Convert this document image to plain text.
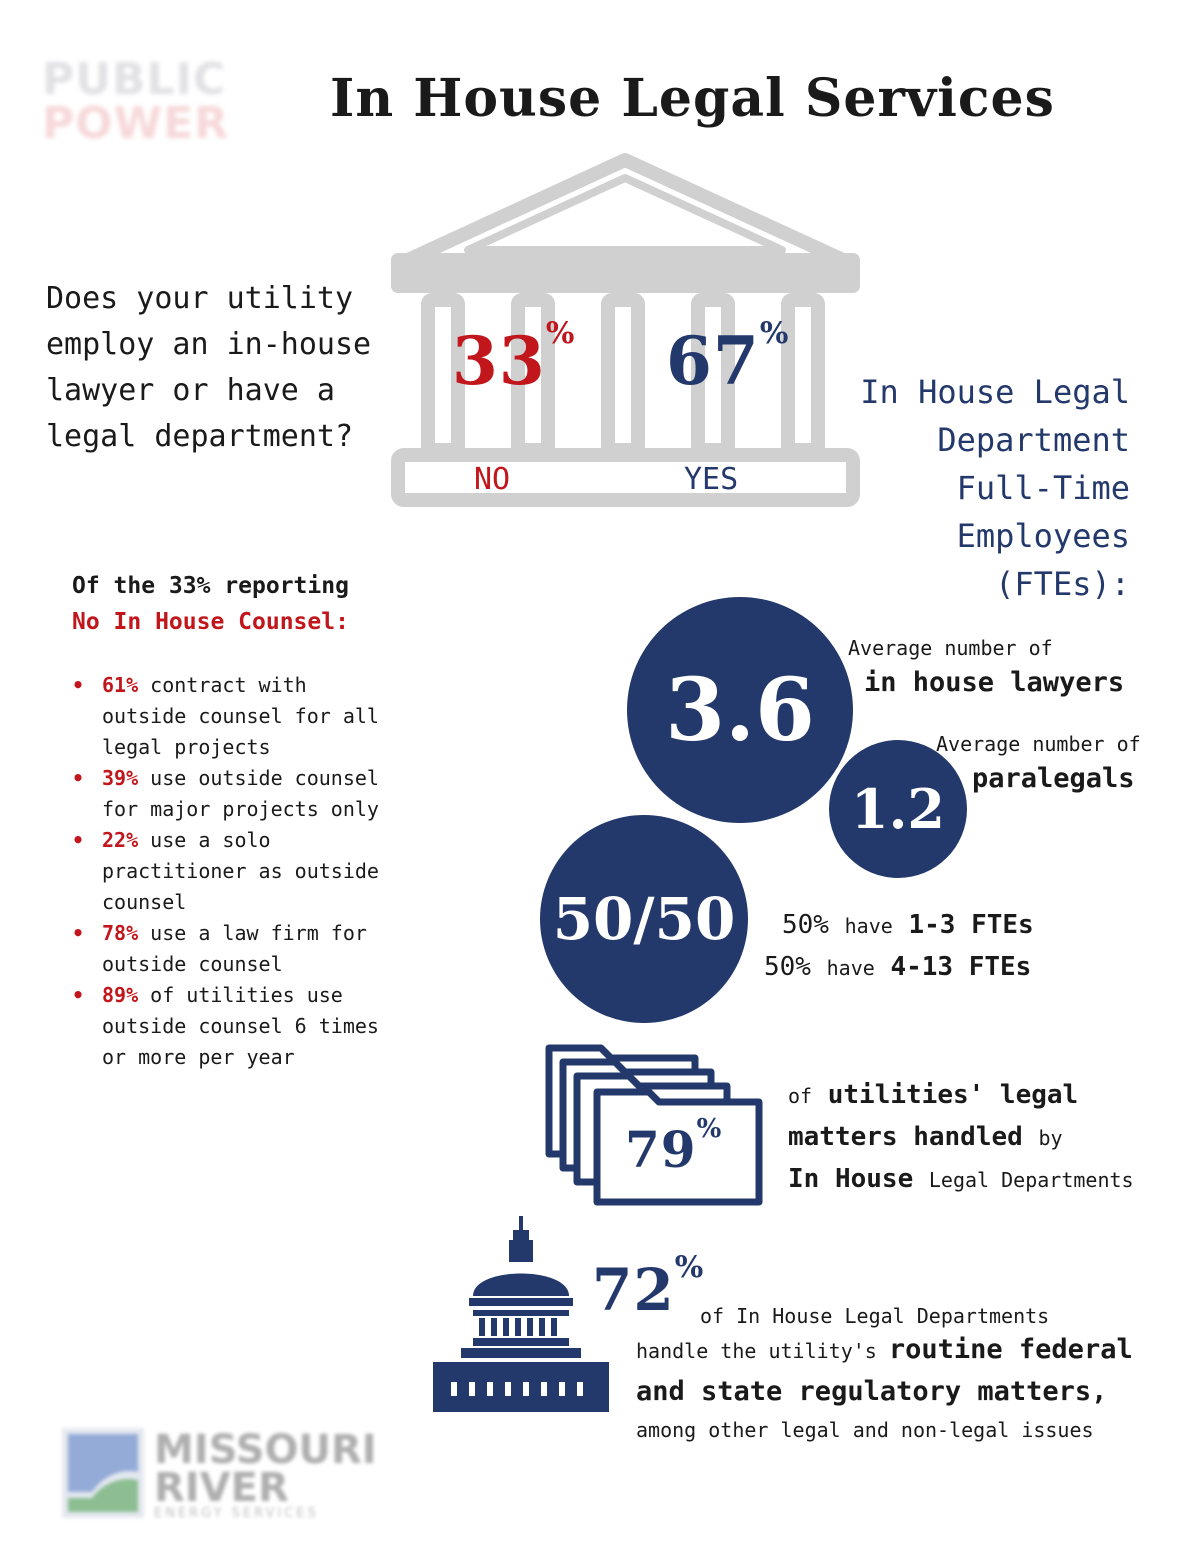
PUBLIC
POWER
MISSOURI
RIVER
ENERGY SERVICES
In House Legal Services
Does your utility employ an in-house lawyer or have a legal department?
33% 67%
NO	YES
In House Legal
Department
Full-Time
Employees
(FTEs):
Of the 33% reporting
No In House Counsel:
• 61% contract with outside counsel for all legal projects
• 39% use outside counsel for major projects only
• 22% use a solo practitioner as outside counsel
• 78% use a law firm for outside counsel
• 89% of utilities use outside counsel 6 times or more per year
3.6
1.2
50/50
Average number of
in house lawyers
Average number of
paralegals
50% have 1-3 FTEs
50% have 4-13 FTEs
79%
of utilities' legal
matters handled by
In House Legal Departments
72%
of In House Legal Departments
handle the utility's routine federal
and state regulatory matters,
among other legal and non-legal issues
